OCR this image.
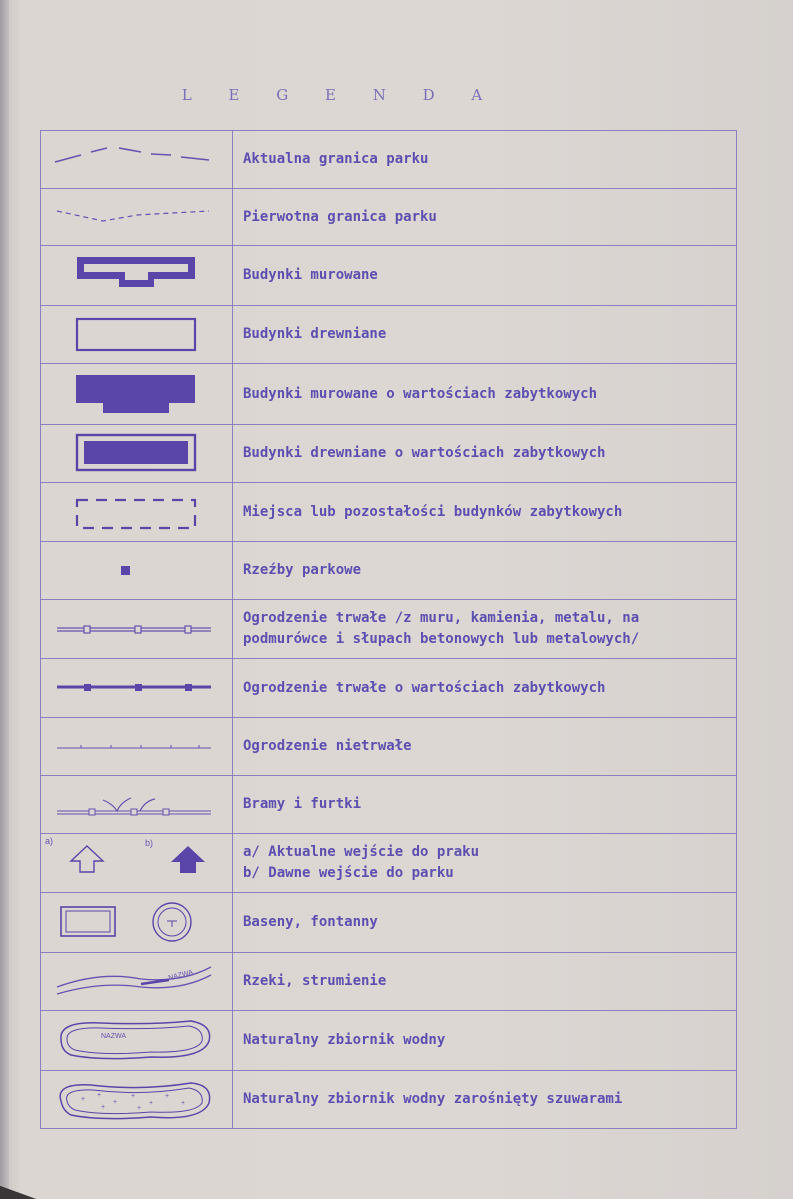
L E G E N D A
Aktualna granica parku
Pierwotna granica parku
Budynki murowane
Budynki drewniane
Budynki murowane o wartościach zabytkowych
Budynki drewniane o wartościach zabytkowych
Miejsca lub pozostałości budynków zabytkowych
Rzeźby parkowe
Ogrodzenie trwałe /z muru, kamienia, metalu, na
podmurówce i słupach betonowych lub metalowych/
Ogrodzenie trwałe o wartościach zabytkowych
Ogrodzenie nietrwałe
Bramy i furtki
a)	b)
a/ Aktualne wejście do praku
b/ Dawne wejście do parku
Baseny, fontanny
NAZWA	Rzeki, strumienie
NAZWA	Naturalny zbiornik wodny
+
+
+
+
+
+
+
+	+
Naturalny zbiornik wodny zarośnięty szuwarami
